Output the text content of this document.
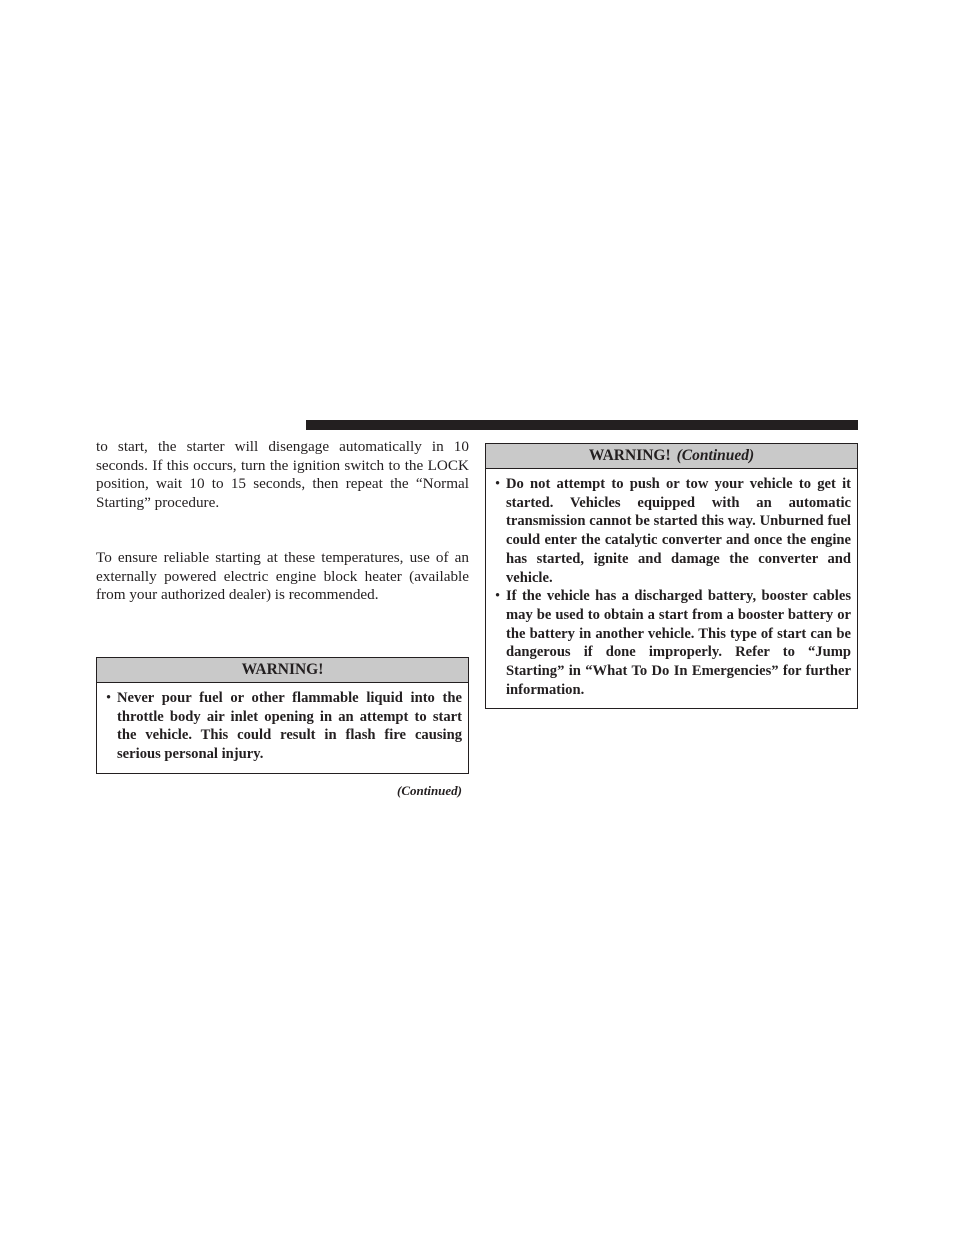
to start, the starter will disengage automatically in 10 seconds. If this occurs, turn the ignition switch to the LOCK position, wait 10 to 15 seconds, then repeat the “Normal Starting” procedure.

To ensure reliable starting at these temperatures, use of an externally powered electric engine block heater (available from your authorized dealer) is recommended.

WARNING!
• Never pour fuel or other flammable liquid into the throttle body air inlet opening in an attempt to start the vehicle. This could result in flash fire causing serious personal injury.
(Continued)
WARNING! (Continued)
• Do not attempt to push or tow your vehicle to get it started. Vehicles equipped with an automatic transmission cannot be started this way. Unburned fuel could enter the catalytic converter and once the engine has started, ignite and damage the converter and vehicle.
• If the vehicle has a discharged battery, booster cables may be used to obtain a start from a booster battery or the battery in another vehicle. This type of start can be dangerous if done improperly. Refer to “Jump Starting” in “What To Do In Emergencies” for further information.
